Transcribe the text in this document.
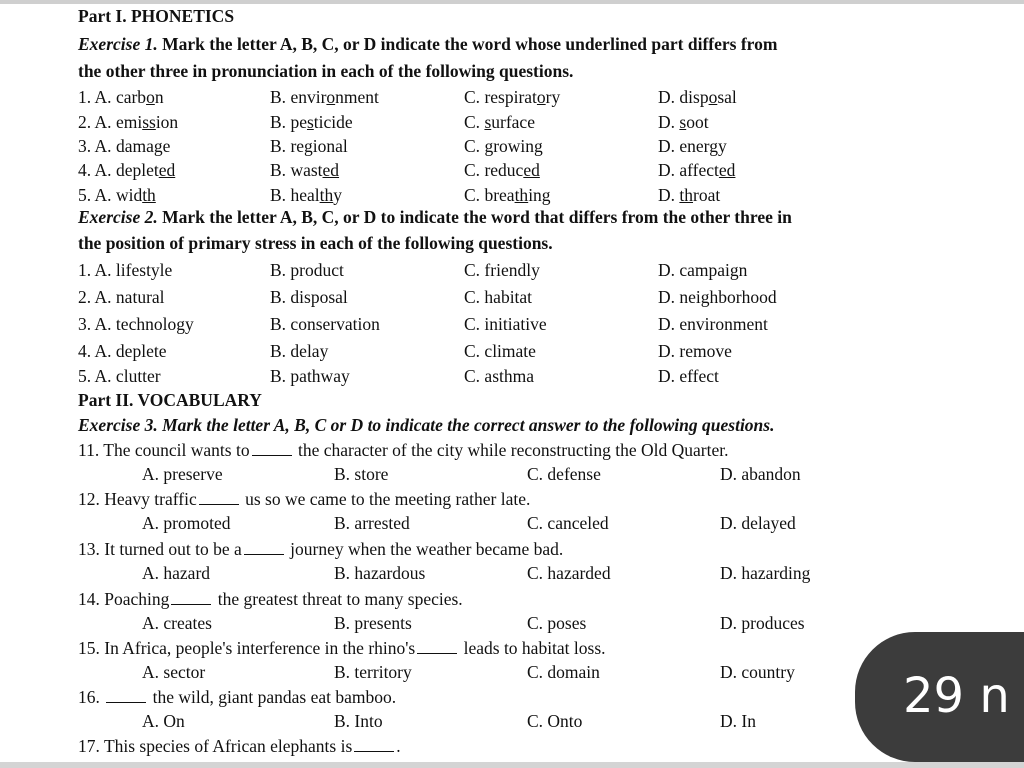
Part I. PHONETICS
Exercise 1. Mark the letter A, B, C, or D indicate the word whose underlined part differs from
the other three in pronunciation in each of the following questions.
1. A. carbon	B. environment	C. respiratory	D. disposal
2. A. emission	B. pesticide	C. surface	D. soot
3. A. damage	B. regional	C. growing	D. energy
4. A. depleted	B. wasted	C. reduced	D. affected
5. A. width	B. healthy	C. breathing	D. throat
Exercise 2. Mark the letter A, B, C, or D to indicate the word that differs from the other three in
the position of primary stress in each of the following questions.
1. A. lifestyle	B. product	C. friendly	D. campaign
2. A. natural	B. disposal	C. habitat	D. neighborhood
3. A. technology	B. conservation	C. initiative	D. environment
4. A. deplete	B. delay	C. climate	D. remove
5. A. clutter	B. pathway	C. asthma	D. effect
Part II. VOCABULARY
Exercise 3. Mark the letter A, B, C or D to indicate the correct answer to the following questions.
11. The council wants to	the character of the city while reconstructing the Old Quarter.
A. preserve	B. store	C. defense	D. abandon
12. Heavy traffic	us so we came to the meeting rather late.
A. promoted	B. arrested	C. canceled	D. delayed
13. It turned out to be a	journey when the weather became bad.
A. hazard	B. hazardous	C. hazarded	D. hazarding
14. Poaching	the greatest threat to many species.
A. creates	B. presents	C. poses	D. produces
15. In Africa, people's interference in the rhino's	leads to habitat loss.
A. sector	B. territory	C. domain	D. country
16.	the wild, giant pandas eat bamboo.
A. On	B. Into	C. Onto	D. In
17. This species of African elephants is	.
29 n
